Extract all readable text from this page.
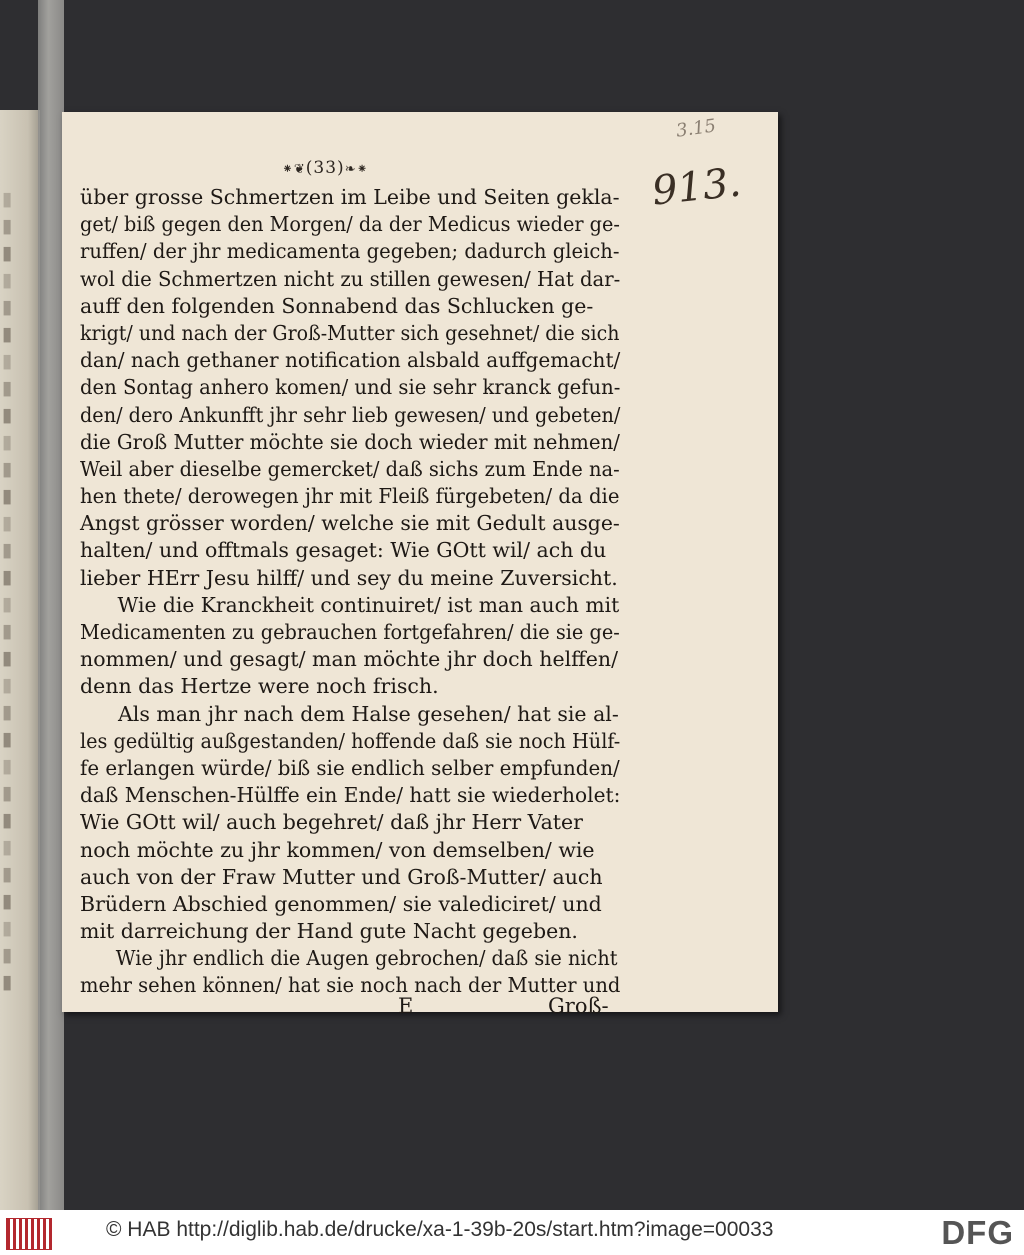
▮
▮
▮
▮
▮
▮
▮
▮
▮
▮
▮
▮
▮
▮
▮
▮
▮
▮
▮
▮
▮
▮
▮
▮
▮
▮
▮
▮
▮
▮
3.15
913.
⁕❦(33)❧⁕
über grosse Schmertzen im Leibe und Seiten gekla-
get/ biß gegen den Morgen/ da der Medicus wieder ge-
ruffen/ der jhr medicamenta gegeben; dadurch gleich-
wol die Schmertzen nicht zu stillen gewesen/ Hat dar-
auff den folgenden Sonnabend das Schlucken ge-
krigt/ und nach der Groß-Mutter sich gesehnet/ die sich
dan/ nach gethaner notification alsbald auffgemacht/
den Sontag anhero komen/ und sie sehr kranck gefun-
den/ dero Ankunfft jhr sehr lieb gewesen/ und gebeten/
die Groß Mutter möchte sie doch wieder mit nehmen/
Weil aber dieselbe gemercket/ daß sichs zum Ende na-
hen thete/ derowegen jhr mit Fleiß fürgebeten/ da die
Angst grösser worden/ welche sie mit Gedult ausge-
halten/ und offtmals gesaget: Wie GOtt wil/ ach du
lieber HErr Jesu hilff/ und sey du meine Zuversicht.
Wie die Kranckheit continuiret/ ist man auch mit
Medicamenten zu gebrauchen fortgefahren/ die sie ge-
nommen/ und gesagt/ man möchte jhr doch helffen/
denn das Hertze were noch frisch.
Als man jhr nach dem Halse gesehen/ hat sie al-
les gedültig außgestanden/ hoffende daß sie noch Hülf-
fe erlangen würde/ biß sie endlich selber empfunden/
daß Menschen-Hülffe ein Ende/ hatt sie wiederholet:
Wie GOtt wil/ auch begehret/ daß jhr Herr Vater
noch möchte zu jhr kommen/ von demselben/ wie
auch von der Fraw Mutter und Groß-Mutter/ auch
Brüdern Abschied genommen/ sie valediciret/ und
mit darreichung der Hand gute Nacht gegeben.
Wie jhr endlich die Augen gebrochen/ daß sie nicht
mehr sehen können/ hat sie noch nach der Mutter und
E	Groß-
© HAB http://diglib.hab.de/drucke/xa-1-39b-20s/start.htm?image=00033	DFG
